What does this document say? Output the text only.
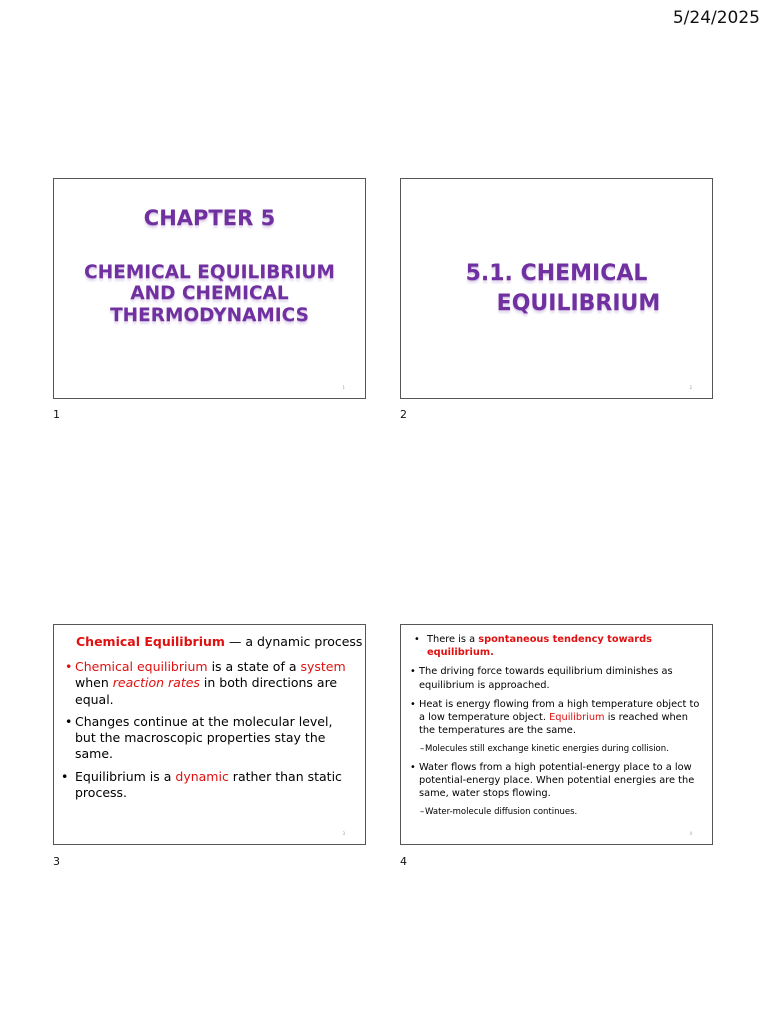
5/24/2025
CHAPTER 5
CHEMICAL EQUILIBRIUM
AND CHEMICAL
THERMODYNAMICS
1
1
5.1. CHEMICAL
EQUILIBRIUM
2
2
Chemical Equilibrium — a dynamic process
• Chemical equilibrium is a state of a system when reaction rates in both directions are equal.
• Changes continue at the molecular level, but the macroscopic properties stay the same.
• Equilibrium is a dynamic rather than static process.
3
3
• There is a spontaneous tendency towards equilibrium.
• The driving force towards equilibrium diminishes as equilibrium is approached.
• Heat is energy flowing from a high temperature object to a low temperature object. Equilibrium is reached when the temperatures are the same.
– Molecules still exchange kinetic energies during collision.
• Water flows from a high potential-energy place to a low potential-energy place. When potential energies are the same, water stops flowing.
– Water-molecule diffusion continues.
4
4
